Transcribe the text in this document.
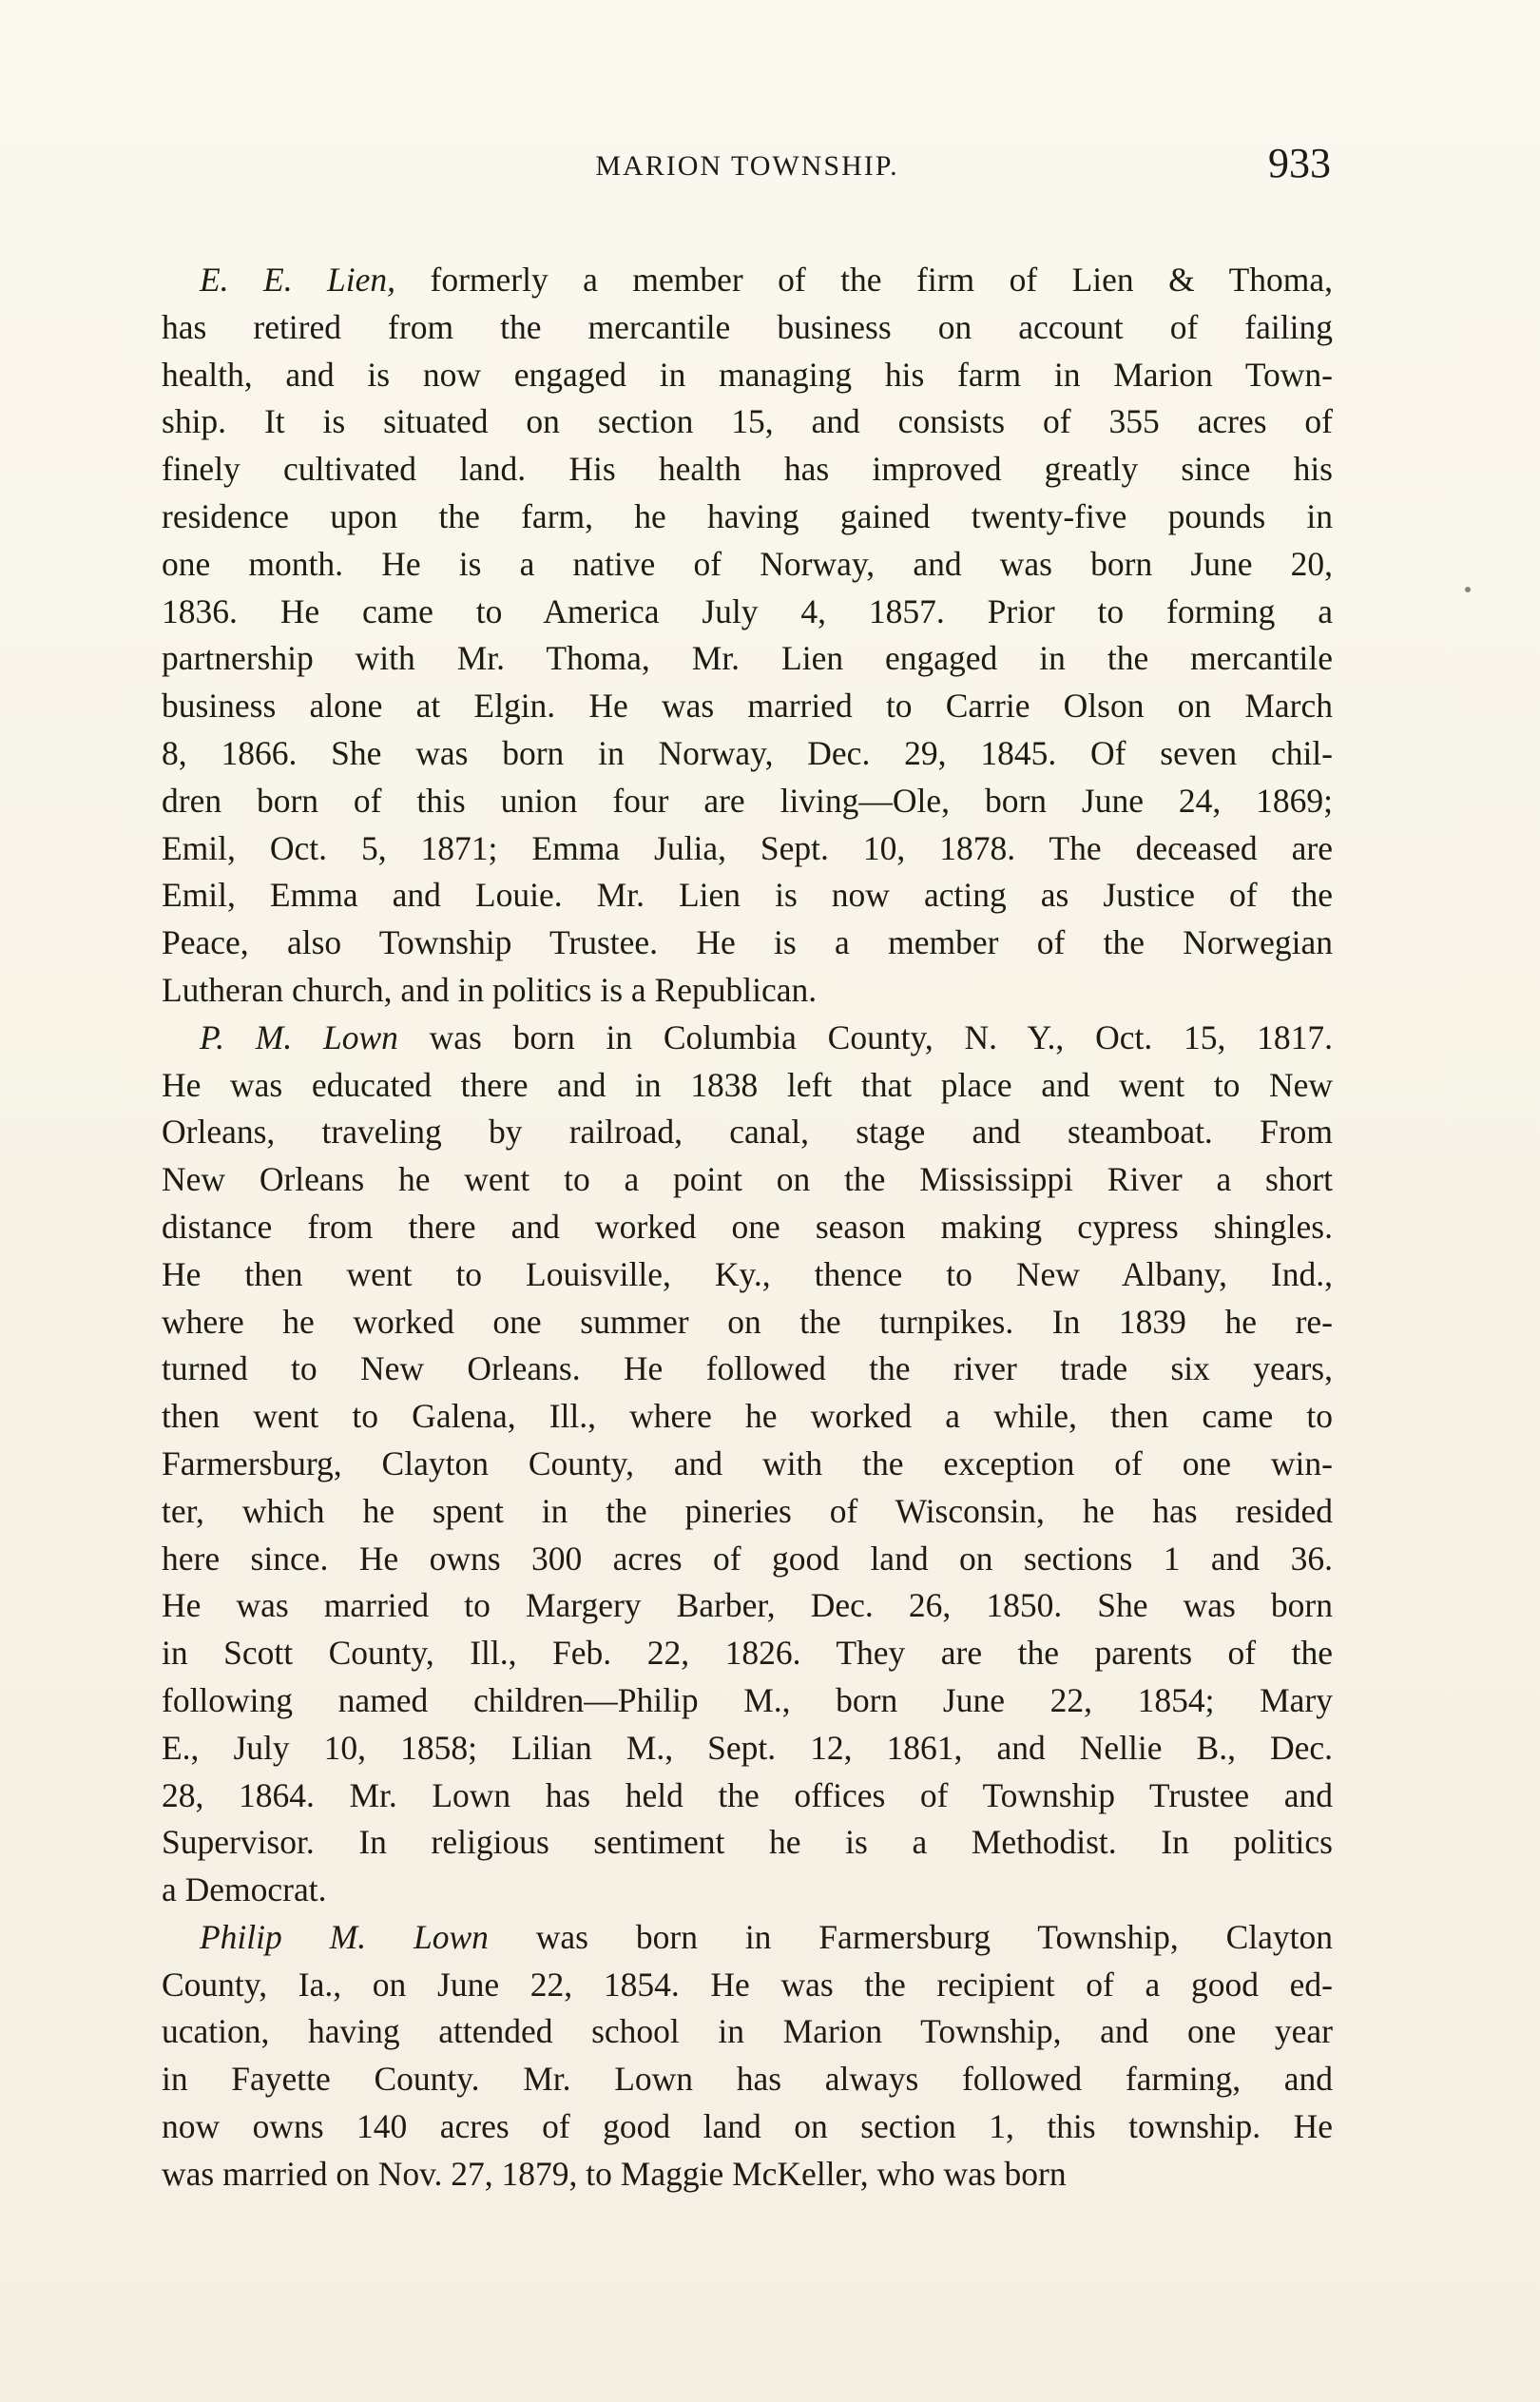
MARION TOWNSHIP.	933
E. E. Lien, formerly a member of the firm of Lien & Thoma,
has retired from the mercantile business on account of failing
health, and is now engaged in managing his farm in Marion Town-
ship. It is situated on section 15, and consists of 355 acres of
finely cultivated land. His health has improved greatly since his
residence upon the farm, he having gained twenty-five pounds in
one month. He is a native of Norway, and was born June 20,
1836. He came to America July 4, 1857. Prior to forming a
partnership with Mr. Thoma, Mr. Lien engaged in the mercantile
business alone at Elgin. He was married to Carrie Olson on March
8, 1866. She was born in Norway, Dec. 29, 1845. Of seven chil-
dren born of this union four are living—Ole, born June 24, 1869;
Emil, Oct. 5, 1871; Emma Julia, Sept. 10, 1878. The deceased are
Emil, Emma and Louie. Mr. Lien is now acting as Justice of the
Peace, also Township Trustee. He is a member of the Norwegian
Lutheran church, and in politics is a Republican.
P. M. Lown was born in Columbia County, N. Y., Oct. 15, 1817.
He was educated there and in 1838 left that place and went to New
Orleans, traveling by railroad, canal, stage and steamboat. From
New Orleans he went to a point on the Mississippi River a short
distance from there and worked one season making cypress shingles.
He then went to Louisville, Ky., thence to New Albany, Ind.,
where he worked one summer on the turnpikes. In 1839 he re-
turned to New Orleans. He followed the river trade six years,
then went to Galena, Ill., where he worked a while, then came to
Farmersburg, Clayton County, and with the exception of one win-
ter, which he spent in the pineries of Wisconsin, he has resided
here since. He owns 300 acres of good land on sections 1 and 36.
He was married to Margery Barber, Dec. 26, 1850. She was born
in Scott County, Ill., Feb. 22, 1826. They are the parents of the
following named children—Philip M., born June 22, 1854; Mary
E., July 10, 1858; Lilian M., Sept. 12, 1861, and Nellie B., Dec.
28, 1864. Mr. Lown has held the offices of Township Trustee and
Supervisor. In religious sentiment he is a Methodist. In politics
a Democrat.
Philip M. Lown was born in Farmersburg Township, Clayton
County, Ia., on June 22, 1854. He was the recipient of a good ed-
ucation, having attended school in Marion Township, and one year
in Fayette County. Mr. Lown has always followed farming, and
now owns 140 acres of good land on section 1, this township. He
was married on Nov. 27, 1879, to Maggie McKeller, who was born
